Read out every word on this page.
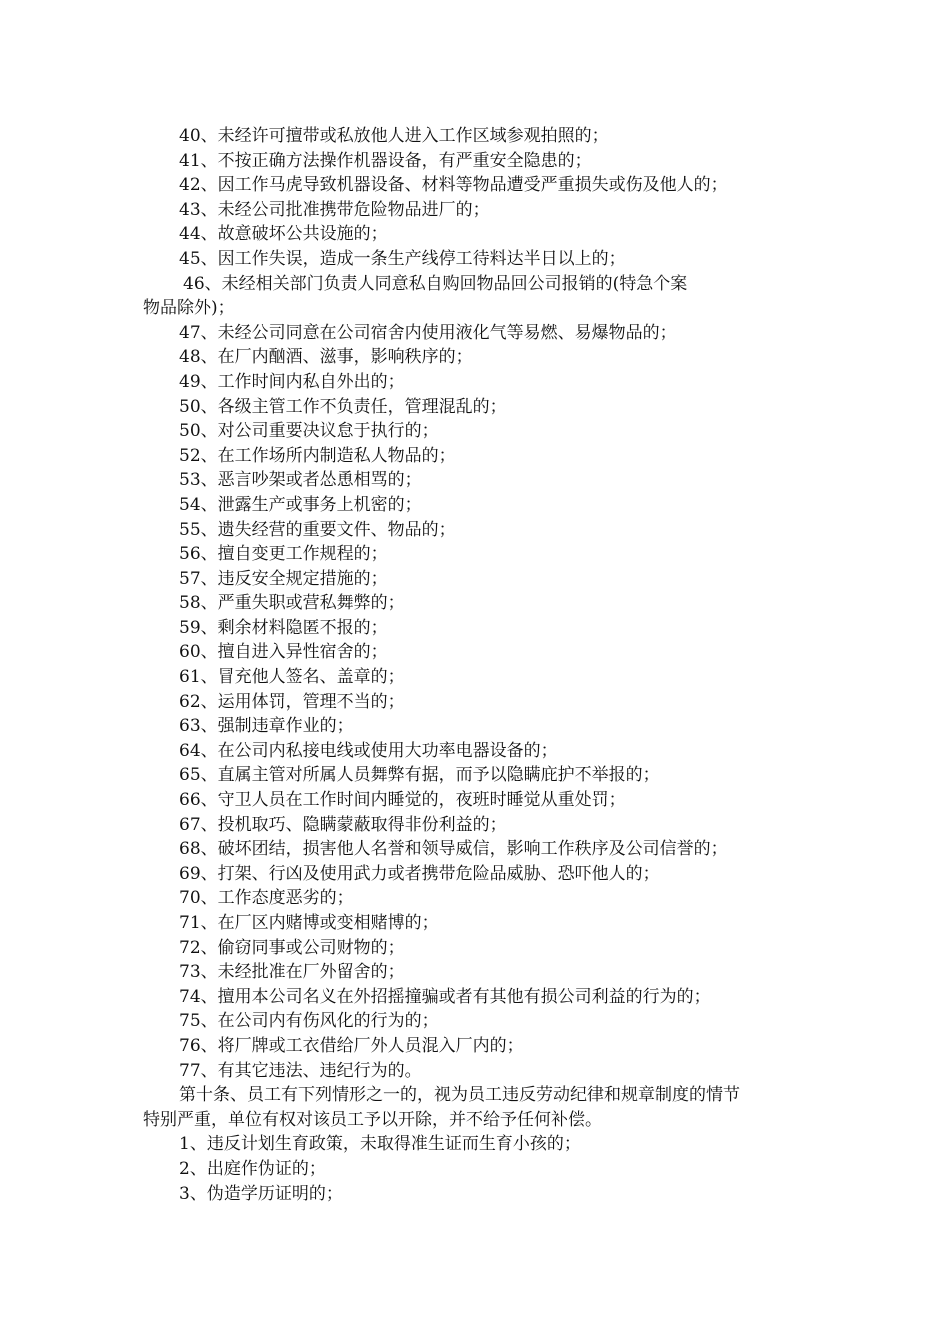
40、未经许可擅带或私放他人进入工作区域参观拍照的；
41、不按正确方法操作机器设备，有严重安全隐患的；
42、因工作马虎导致机器设备、材料等物品遭受严重损失或伤及他人的；
43、未经公司批准携带危险物品进厂的；
44、故意破坏公共设施的；
45、因工作失误，造成一条生产线停工待料达半日以上的；
46、未经相关部门负责人同意私自购回物品回公司报销的(特急个案
物品除外)；
47、未经公司同意在公司宿舍内使用液化气等易燃、易爆物品的；
48、在厂内酗酒、滋事，影响秩序的；
49、工作时间内私自外出的；
50、各级主管工作不负责任，管理混乱的；
50、对公司重要决议怠于执行的；
52、在工作场所内制造私人物品的；
53、恶言吵架或者怂恿相骂的；
54、泄露生产或事务上机密的；
55、遗失经营的重要文件、物品的；
56、擅自变更工作规程的；
57、违反安全规定措施的；
58、严重失职或营私舞弊的；
59、剩余材料隐匿不报的；
60、擅自进入异性宿舍的；
61、冒充他人签名、盖章的；
62、运用体罚，管理不当的；
63、强制违章作业的；
64、在公司内私接电线或使用大功率电器设备的；
65、直属主管对所属人员舞弊有据，而予以隐瞒庇护不举报的；
66、守卫人员在工作时间内睡觉的，夜班时睡觉从重处罚；
67、投机取巧、隐瞒蒙蔽取得非份利益的；
68、破坏团结，损害他人名誉和领导威信，影响工作秩序及公司信誉的；
69、打架、行凶及使用武力或者携带危险品威胁、恐吓他人的；
70、工作态度恶劣的；
71、在厂区内赌博或变相赌博的；
72、偷窃同事或公司财物的；
73、未经批准在厂外留舍的；
74、擅用本公司名义在外招摇撞骗或者有其他有损公司利益的行为的；
75、在公司内有伤风化的行为的；
76、将厂牌或工衣借给厂外人员混入厂内的；
77、有其它违法、违纪行为的。
第十条、员工有下列情形之一的，视为员工违反劳动纪律和规章制度的情节
特别严重，单位有权对该员工予以开除，并不给予任何补偿。
1、违反计划生育政策，未取得准生证而生育小孩的；
2、出庭作伪证的；
3、伪造学历证明的；
